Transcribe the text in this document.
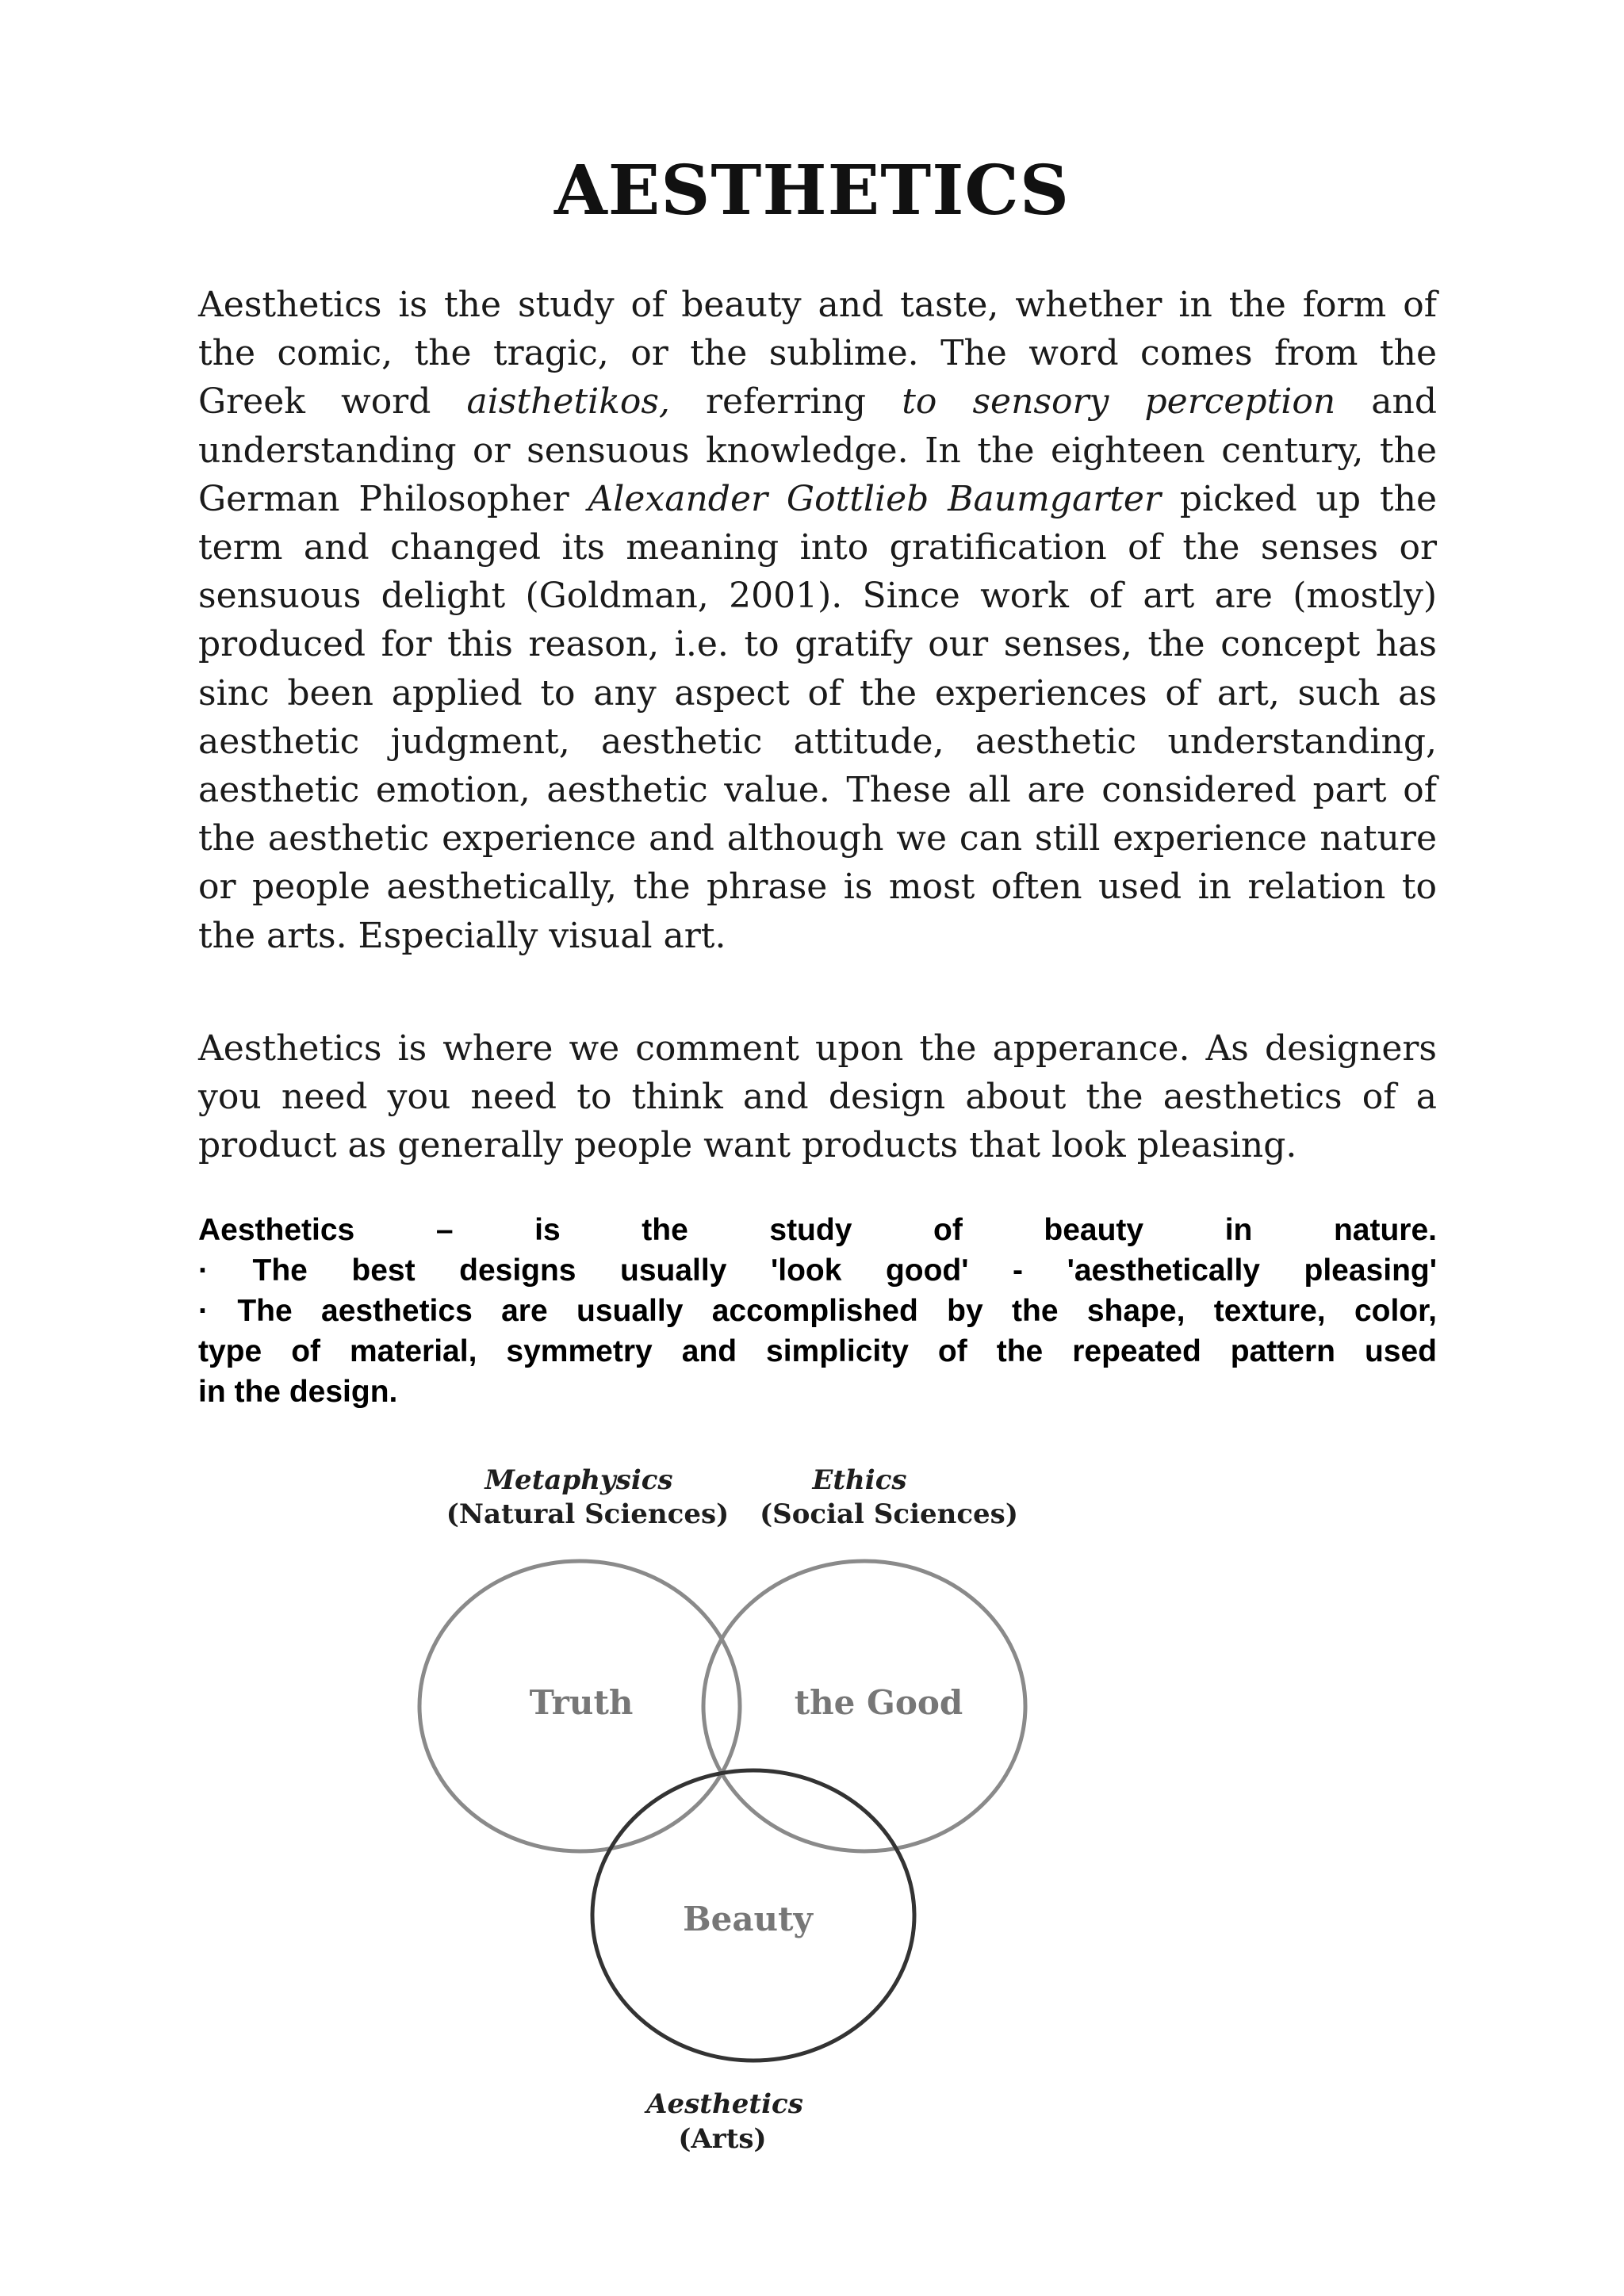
AESTHETICS

Aesthetics is the study of beauty and taste, whether in the form of the comic, the tragic, or the sublime. The word comes from the Greek word aisthetikos, referring to sensory perception and understanding or sensuous knowledge. In the eighteen century, the German Philosopher Alexander Gottlieb Baumgarter picked up the term and changed its meaning into gratification of the senses or sensuous delight (Goldman, 2001). Since work of art are (mostly) produced for this reason, i.e. to gratify our senses, the concept has sinc been applied to any aspect of the experiences of art, such as aesthetic judgment, aesthetic attitude, aesthetic understanding, aesthetic emotion, aesthetic value. These all are considered part of the aesthetic experience and although we can still experience nature or people aesthetically, the phrase is most often used in relation to the arts. Especially visual art.

Aesthetics is where we comment upon the apperance. As designers you need you need to think and design about the aesthetics of a product as generally people want products that look pleasing.

Aesthetics – is the study of beauty in nature.
· The best designs usually 'look good' - 'aesthetically pleasing'
· The aesthetics are usually accomplished by the shape, texture, color,
type of material, symmetry and simplicity of the repeated pattern used
in the design.
Metaphysics
(Natural Sciences)
Ethics
(Social Sciences)
Truth	the Good
Beauty
Aesthetics
(Arts)
